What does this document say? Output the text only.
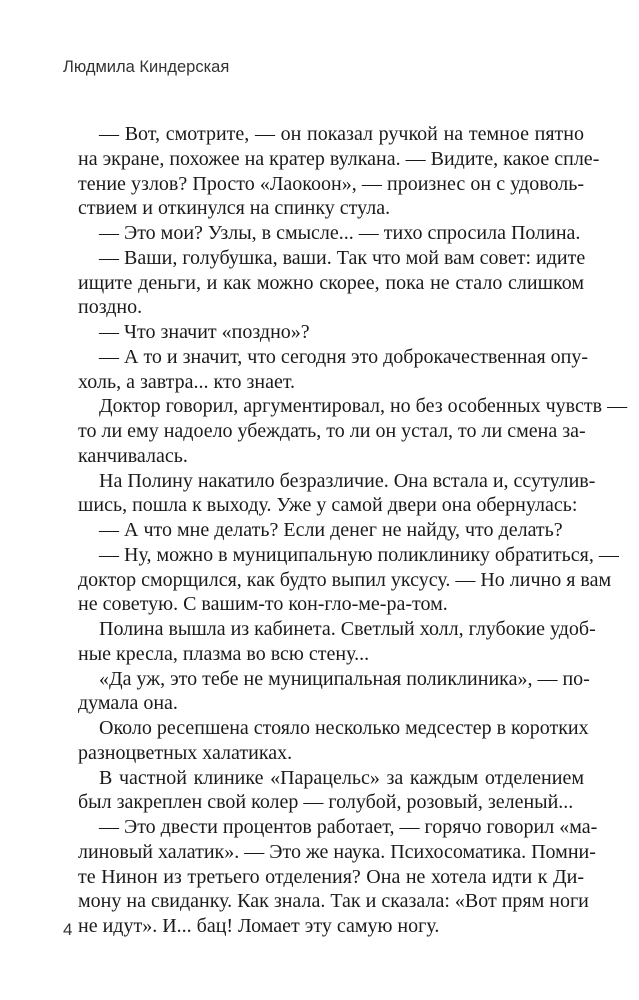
Людмила Киндерская
— Вот, смотрите, — он показал ручкой на темное пятно
на экране, похожее на кратер вулкана. — Видите, какое спле-
тение узлов? Просто «Лаокоон», — произнес он с удоволь-
ствием и откинулся на спинку стула.
— Это мои? Узлы, в смысле... — тихо спросила Полина.
— Ваши, голубушка, ваши. Так что мой вам совет: идите
ищите деньги, и как можно скорее, пока не стало слишком
поздно.
— Что значит «поздно»?
— А то и значит, что сегодня это доброкачественная опу-
холь, а завтра... кто знает.
Доктор говорил, аргументировал, но без особенных чувств —
то ли ему надоело убеждать, то ли он устал, то ли смена за-
канчивалась.
На Полину накатило безразличие. Она встала и, ссутулив-
шись, пошла к выходу. Уже у самой двери она обернулась:
— А что мне делать? Если денег не найду, что делать?
— Ну, можно в муниципальную поликлинику обратиться, —
доктор сморщился, как будто выпил уксусу. — Но лично я вам
не советую. С вашим-то кон-гло-ме-ра-том.
Полина вышла из кабинета. Светлый холл, глубокие удоб-
ные кресла, плазма во всю стену...
«Да уж, это тебе не муниципальная поликлиника», — по-
думала она.
Около ресепшена стояло несколько медсестер в коротких
разноцветных халатиках.
В частной клинике «Парацельс» за каждым отделением
был закреплен свой колер — голубой, розовый, зеленый...
— Это двести процентов работает, — горячо говорил «ма-
линовый халатик». — Это же наука. Психосоматика. Помни-
те Нинон из третьего отделения? Она не хотела идти к Ди-
мону на свиданку. Как знала. Так и сказала: «Вот прям ноги
не идут». И... бац! Ломает эту самую ногу.
4
